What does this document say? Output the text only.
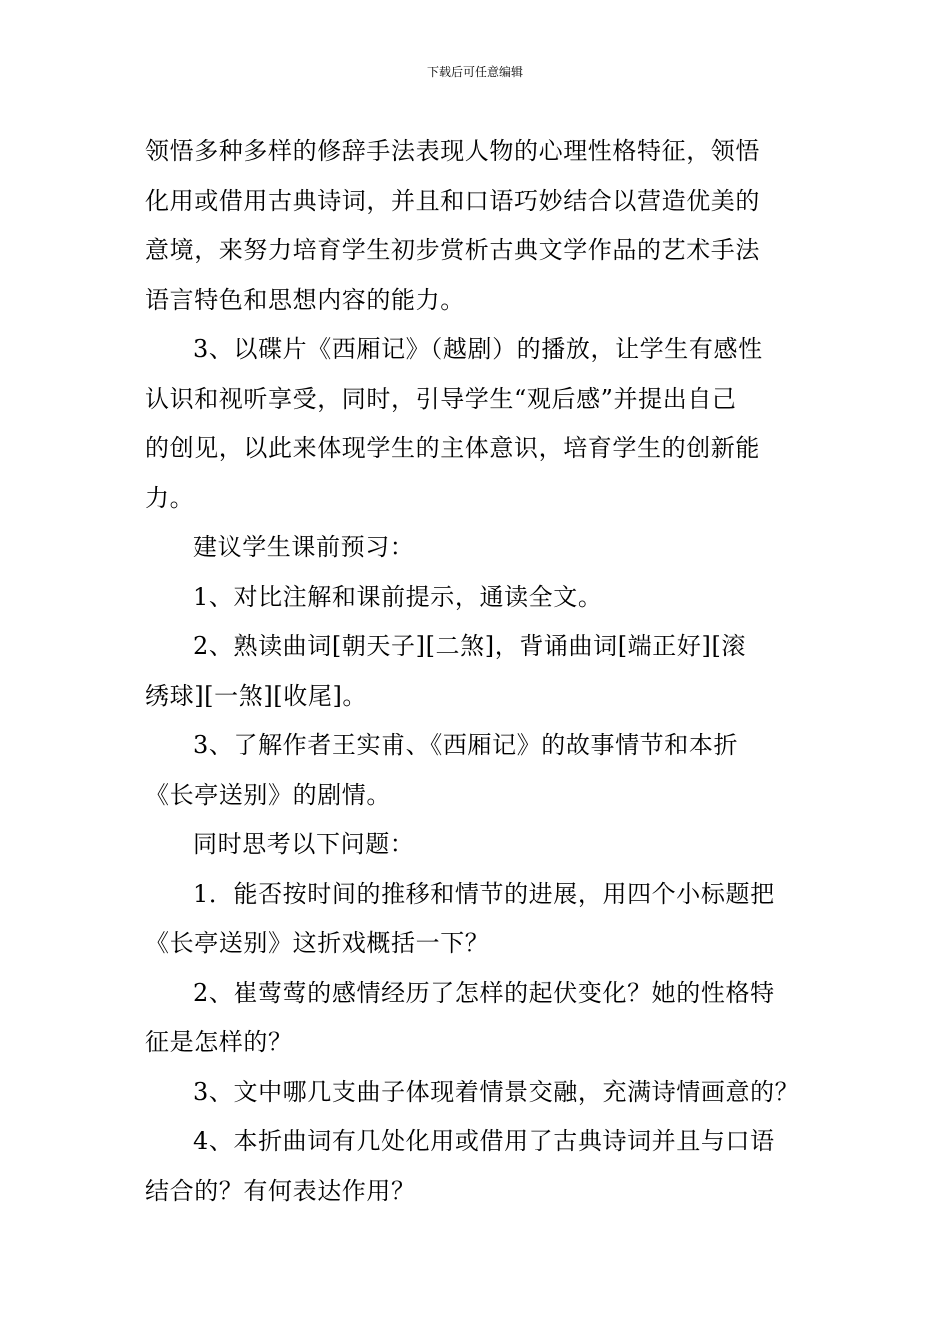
下载后可任意编辑
领悟多种多样的修辞手法表现人物的心理性格特征，领悟
化用或借用古典诗词，并且和口语巧妙结合以营造优美的
意境，来努力培育学生初步赏析古典文学作品的艺术手法
语言特色和思想内容的能力。
3、以碟片《西厢记》（越剧）的播放，让学生有感性
认识和视听享受，同时，引导学生“观后感”并提出自己
的创见，以此来体现学生的主体意识，培育学生的创新能
力。
建议学生课前预习：
1、对比注解和课前提示，通读全文。
2、熟读曲词[朝天子][二煞]，背诵曲词[端正好][滚
绣球][一煞][收尾]。
3、了解作者王实甫、《西厢记》的故事情节和本折
《长亭送别》的剧情。
同时思考以下问题：
1．能否按时间的推移和情节的进展，用四个小标题把
《长亭送别》这折戏概括一下？
2、崔莺莺的感情经历了怎样的起伏变化？她的性格特
征是怎样的？
3、文中哪几支曲子体现着情景交融，充满诗情画意的？
4、本折曲词有几处化用或借用了古典诗词并且与口语
结合的？有何表达作用？
